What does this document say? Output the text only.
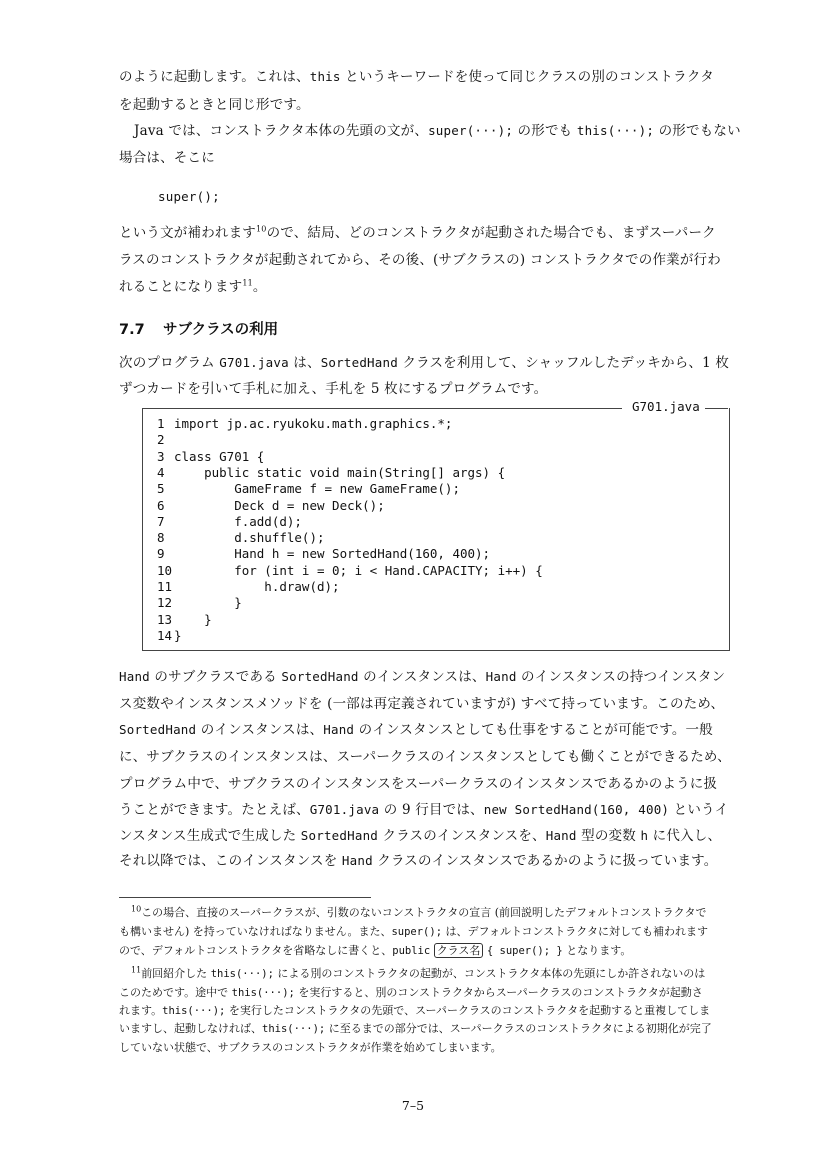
のように起動します。これは、this というキーワードを使って同じクラスの別のコンストラクタ
を起動するときと同じ形です。
Java では、コンストラクタ本体の先頭の文が、super(···); の形でも this(···); の形でもない
場合は、そこに
super();
という文が補われます$^{10}$ので、結局、どのコンストラクタが起動された場合でも、まずスーパーク
ラスのコンストラクタが起動されてから、その後、(サブクラスの) コンストラクタでの作業が行わ
れることになります$^{11}$。
7.7 サブクラスの利用
次のプログラム G701.java は、SortedHand クラスを利用して、シャッフルしたデッキから、1 枚
ずつカードを引いて手札に加え、手札を 5 枚にするプログラムです。
G701.java
1 import jp.ac.ryukoku.math.graphics.*;
2
3 class G701 {
4    public static void main(String[] args) {
5        GameFrame f = new GameFrame();
6        Deck d = new Deck();
7        f.add(d);
8        d.shuffle();
9        Hand h = new SortedHand(160, 400);
10        for (int i = 0; i < Hand.CAPACITY; i++) {
11            h.draw(d);
12        }
13    }
14 }
Hand のサブクラスである SortedHand のインスタンスは、Hand のインスタンスの持つインスタン
ス変数やインスタンスメソッドを (一部は再定義されていますが) すべて持っています。このため、
SortedHand のインスタンスは、Hand のインスタンスとしても仕事をすることが可能です。一般
に、サブクラスのインスタンスは、スーパークラスのインスタンスとしても働くことができるため、
プログラム中で、サブクラスのインスタンスをスーパークラスのインスタンスであるかのように扱
うことができます。たとえば、G701.java の 9 行目では、new SortedHand(160, 400) というイ
ンスタンス生成式で生成した SortedHand クラスのインスタンスを、Hand 型の変数 h に代入し、
それ以降では、このインスタンスを Hand クラスのインスタンスであるかのように扱っています。
$^{10}$この場合、直接のスーパークラスが、引数のないコンストラクタの宣言 (前回説明したデフォルトコンストラクタで
も構いません) を持っていなければなりません。また、super(); は、デフォルトコンストラクタに対しても補われます
ので、デフォルトコンストラクタを省略なしに書くと、public クラス名 { super(); } となります。
$^{11}$前回紹介した this(···); による別のコンストラクタの起動が、コンストラクタ本体の先頭にしか許されないのは
このためです。途中で this(···); を実行すると、別のコンストラクタからスーパークラスのコンストラクタが起動さ
れます。this(···); を実行したコンストラクタの先頭で、スーパークラスのコンストラクタを起動すると重複してしま
いますし、起動しなければ、this(···); に至るまでの部分では、スーパークラスのコンストラクタによる初期化が完了
していない状態で、サブクラスのコンストラクタが作業を始めてしまいます。
7–5
